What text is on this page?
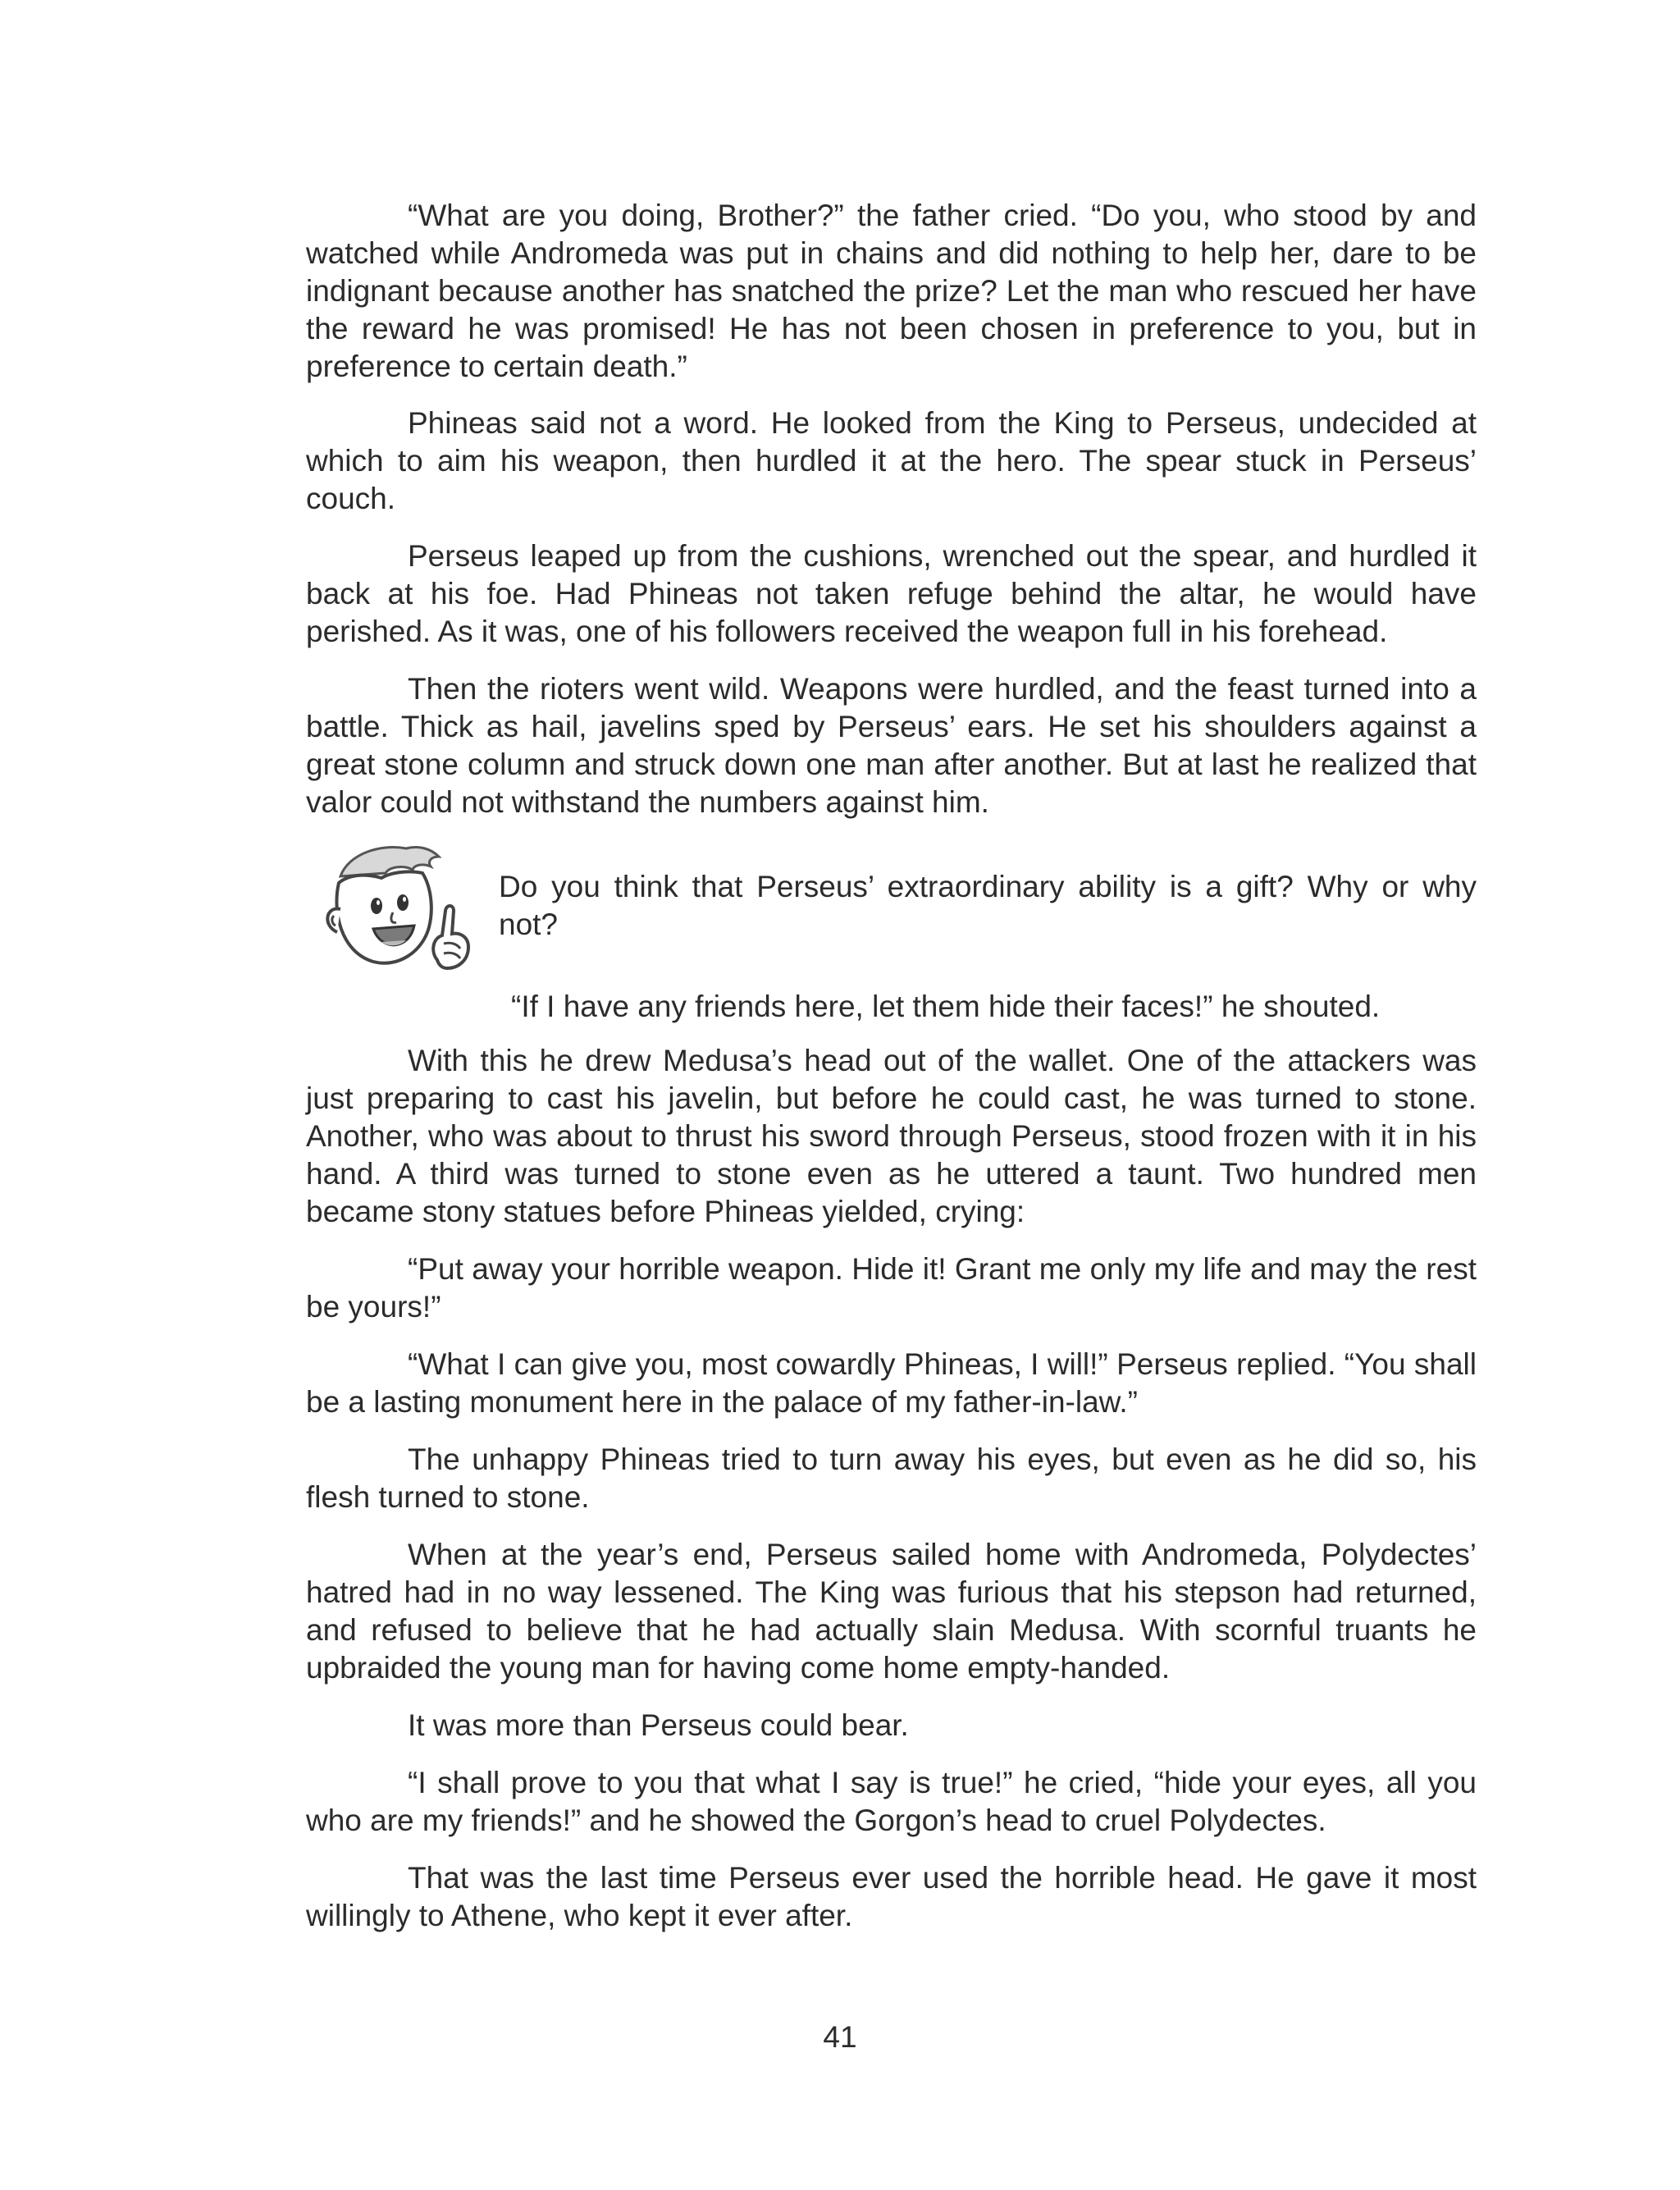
“What are you doing, Brother?” the father cried. “Do you, who stood by and watched while Andromeda was put in chains and did nothing to help her, dare to be indignant because another has snatched the prize? Let the man who rescued her have the reward he was promised! He has not been chosen in preference to you, but in preference to certain death.”

Phineas said not a word. He looked from the King to Perseus, undecided at which to aim his weapon, then hurdled it at the hero. The spear stuck in Perseus’ couch.

Perseus leaped up from the cushions, wrenched out the spear, and hurdled it back at his foe. Had Phineas not taken refuge behind the altar, he would have perished. As it was, one of his followers received the weapon full in his forehead.

Then the rioters went wild. Weapons were hurdled, and the feast turned into a battle. Thick as hail, javelins sped by Perseus’ ears. He set his shoulders against a great stone column and struck down one man after another. But at last he realized that valor could not withstand the numbers against him.

Do you think that Perseus’ extraordinary ability is a gift? Why or why not?

“If I have any friends here, let them hide their faces!” he shouted.

With this he drew Medusa’s head out of the wallet. One of the attackers was just preparing to cast his javelin, but before he could cast, he was turned to stone. Another, who was about to thrust his sword through Perseus, stood frozen with it in his hand. A third was turned to stone even as he uttered a taunt. Two hundred men became stony statues before Phineas yielded, crying:

“Put away your horrible weapon. Hide it! Grant me only my life and may the rest be yours!”

“What I can give you, most cowardly Phineas, I will!” Perseus replied. “You shall be a lasting monument here in the palace of my father-in-law.”

The unhappy Phineas tried to turn away his eyes, but even as he did so, his flesh turned to stone.

When at the year’s end, Perseus sailed home with Andromeda, Polydectes’ hatred had in no way lessened. The King was furious that his stepson had returned, and refused to believe that he had actually slain Medusa. With scornful truants he upbraided the young man for having come home empty-handed.

It was more than Perseus could bear.

“I shall prove to you that what I say is true!” he cried, “hide your eyes, all you who are my friends!” and he showed the Gorgon’s head to cruel Polydectes.

That was the last time Perseus ever used the horrible head. He gave it most willingly to Athene, who kept it ever after.

41
